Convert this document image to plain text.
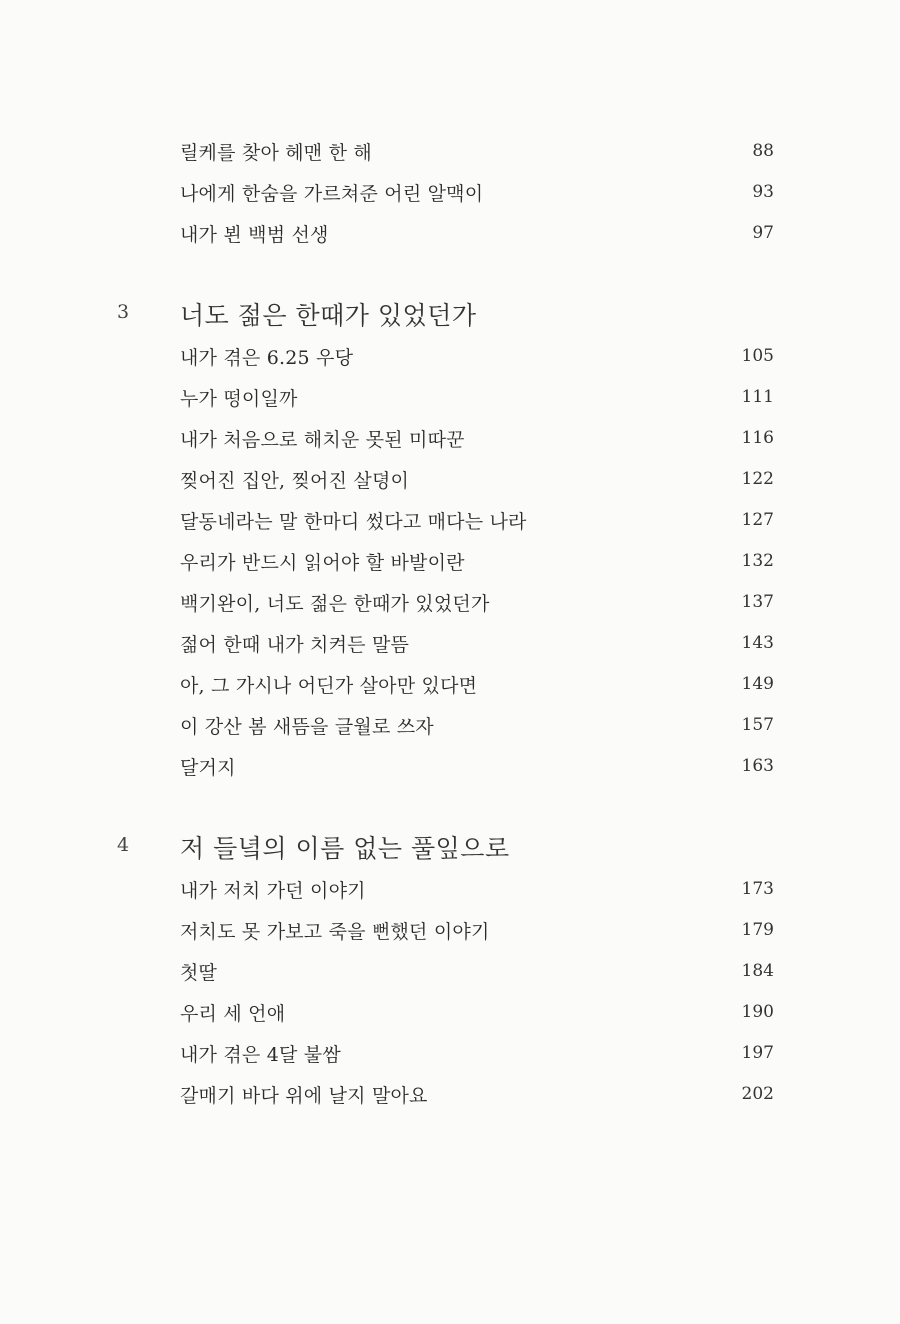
릴케를 찾아 헤맨 한 해	88
나에게 한숨을 가르쳐준 어린 알맥이	93
내가 뵌 백범 선생	97
3 너도 젊은 한때가 있었던가
내가 겪은 6.25 우당	105
누가 떵이일까	111
내가 처음으로 해치운 못된 미따꾼	116
찢어진 집안, 찢어진 살뎡이	122
달동네라는 말 한마디 썼다고 매다는 나라	127
우리가 반드시 읽어야 할 바발이란	132
백기완이, 너도 젊은 한때가 있었던가	137
젊어 한때 내가 치켜든 말뜸	143
아, 그 가시나 어딘가 살아만 있다면	149
이 강산 봄 새뜸을 글월로 쓰자	157
달거지	163
4 저 들녘의 이름 없는 풀잎으로
내가 저치 가던 이야기	173
저치도 못 가보고 죽을 뻔했던 이야기	179
첫딸	184
우리 세 언애	190
내가 겪은 4달 불쌈	197
갈매기 바다 위에 날지 말아요	202
